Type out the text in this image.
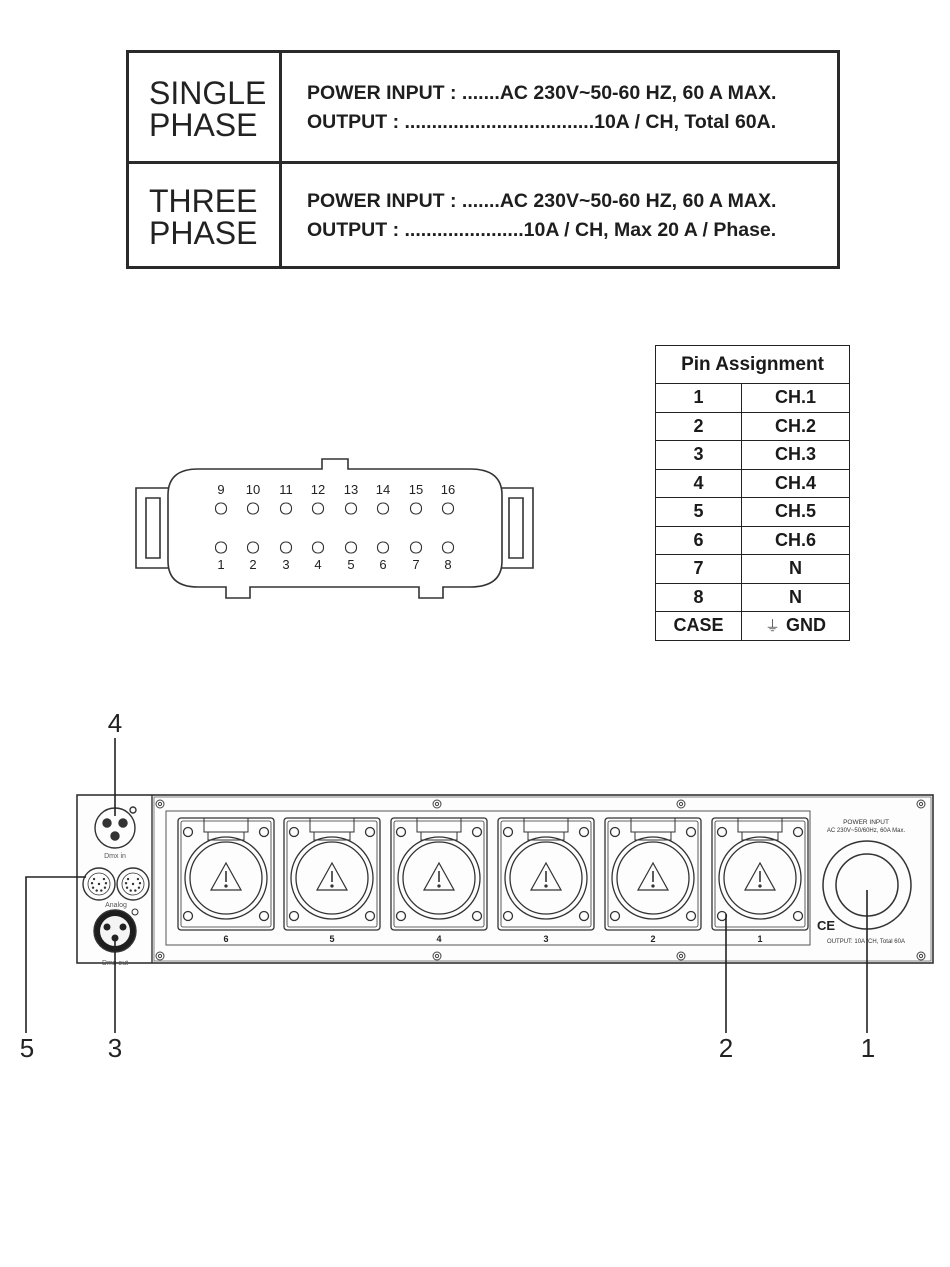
SINGLE
PHASE
POWER INPUT : .......AC 230V~50-60 HZ, 60 A MAX.
OUTPUT : ...................................10A / CH, Total 60A.
THREE
PHASE
POWER INPUT : .......AC 230V~50-60 HZ, 60 A MAX.
OUTPUT : ......................10A / CH, Max 20 A / Phase.
9 10 11 12 13 14 15 16
1 2 3 4 5 6 7 8
Pin Assignment	
1	CH.1
2	CH.2
3	CH.3
4	CH.4
5	CH.5
6	CH.6
7	N
8	N
CASE	⏚ GND
Dmx in
Analog
Dmx out
6	5	4	3	2	1
POWER INPUT
AC 230V~50/60Hz, 60A Max.
CE
OUTPUT: 10A /CH, Total 60A
4
5	3	2	1
